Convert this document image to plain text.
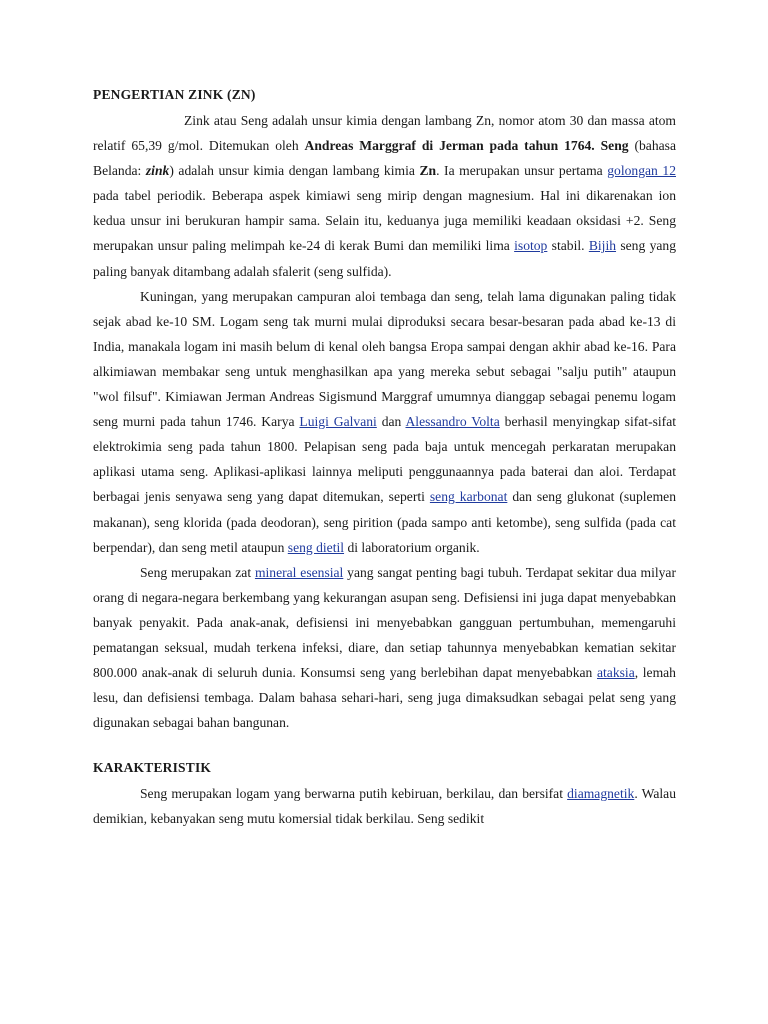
PENGERTIAN ZINK (ZN)

Zink atau Seng adalah unsur kimia dengan lambang Zn, nomor atom 30 dan massa atom relatif 65,39 g/mol. Ditemukan oleh Andreas Marggraf di Jerman pada tahun 1764. Seng (bahasa Belanda: zink) adalah unsur kimia dengan lambang kimia Zn. Ia merupakan unsur pertama golongan 12 pada tabel periodik. Beberapa aspek kimiawi seng mirip dengan magnesium. Hal ini dikarenakan ion kedua unsur ini berukuran hampir sama. Selain itu, keduanya juga memiliki keadaan oksidasi +2. Seng merupakan unsur paling melimpah ke-24 di kerak Bumi dan memiliki lima isotop stabil. Bijih seng yang paling banyak ditambang adalah sfalerit (seng sulfida).

Kuningan, yang merupakan campuran aloi tembaga dan seng, telah lama digunakan paling tidak sejak abad ke-10 SM. Logam seng tak murni mulai diproduksi secara besar-besaran pada abad ke-13 di India, manakala logam ini masih belum di kenal oleh bangsa Eropa sampai dengan akhir abad ke-16. Para alkimiawan membakar seng untuk menghasilkan apa yang mereka sebut sebagai "salju putih" ataupun "wol filsuf". Kimiawan Jerman Andreas Sigismund Marggraf umumnya dianggap sebagai penemu logam seng murni pada tahun 1746. Karya Luigi Galvani dan Alessandro Volta berhasil menyingkap sifat-sifat elektrokimia seng pada tahun 1800. Pelapisan seng pada baja untuk mencegah perkaratan merupakan aplikasi utama seng. Aplikasi-aplikasi lainnya meliputi penggunaannya pada baterai dan aloi. Terdapat berbagai jenis senyawa seng yang dapat ditemukan, seperti seng karbonat dan seng glukonat (suplemen makanan), seng klorida (pada deodoran), seng pirition (pada sampo anti ketombe), seng sulfida (pada cat berpendar), dan seng metil ataupun seng dietil di laboratorium organik.

Seng merupakan zat mineral esensial yang sangat penting bagi tubuh. Terdapat sekitar dua milyar orang di negara-negara berkembang yang kekurangan asupan seng. Defisiensi ini juga dapat menyebabkan banyak penyakit. Pada anak-anak, defisiensi ini menyebabkan gangguan pertumbuhan, memengaruhi pematangan seksual, mudah terkena infeksi, diare, dan setiap tahunnya menyebabkan kematian sekitar 800.000 anak-anak di seluruh dunia. Konsumsi seng yang berlebihan dapat menyebabkan ataksia, lemah lesu, dan defisiensi tembaga. Dalam bahasa sehari-hari, seng juga dimaksudkan sebagai pelat seng yang digunakan sebagai bahan bangunan.

KARAKTERISTIK

Seng merupakan logam yang berwarna putih kebiruan, berkilau, dan bersifat diamagnetik. Walau demikian, kebanyakan seng mutu komersial tidak berkilau. Seng sedikit
